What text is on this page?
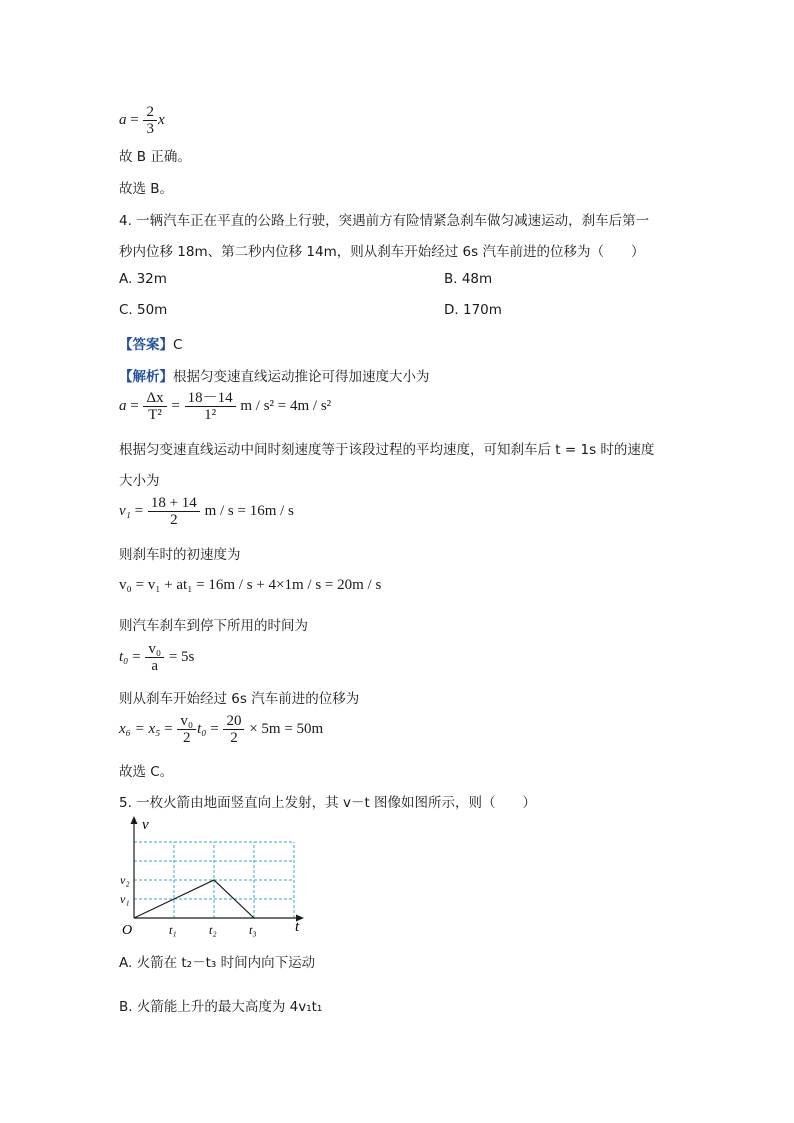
$a = \frac{2}{3}$ x
故 B 正确。
故选 B。
4. 一辆汽车正在平直的公路上行驶，突遇前方有险情紧急刹车做匀减速运动，刹车后第一
秒内位移 18m、第二秒内位移 14m，则从刹车开始经过 6s 汽车前进的位移为（　　）
A. 32m	B. 48m
C. 50m	D. 170m
【答案】C
【解析】根据匀变速直线运动推论可得加速度大小为
$a = \frac{\Delta x}{\text{T²}} = \frac{18-14}{\text{1²}}$ m / s² = 4m / s²
根据匀变速直线运动中间时刻速度等于该段过程的平均速度，可知刹车后 t = 1s 时的速度
大小为
$v_1 = \frac{18 + 14}{2}$ m / s = 16m / s
则刹车时的初速度为
v₀ = v₁ + at₁ = 16m / s + 4×1m / s = 20m / s
则汽车刹车到停下所用的时间为
$t_0 = \frac{\text{v₀}}{a} = 5s$
则从刹车开始经过 6s 汽车前进的位移为
$x_6 = x_5 = \frac{\text{v₀}}{2} t_0 = \frac{20}{2} \times 5m = 50m$
故选 C。
5. 一枚火箭由地面竖直向上发射，其 v－t 图像如图所示，则（　　）
v
t
O	t₁	t₂	t₃
v₁
v₂
A. 火箭在 t₂－t₃ 时间内向下运动
B. 火箭能上升的最大高度为 4v₁t₁
